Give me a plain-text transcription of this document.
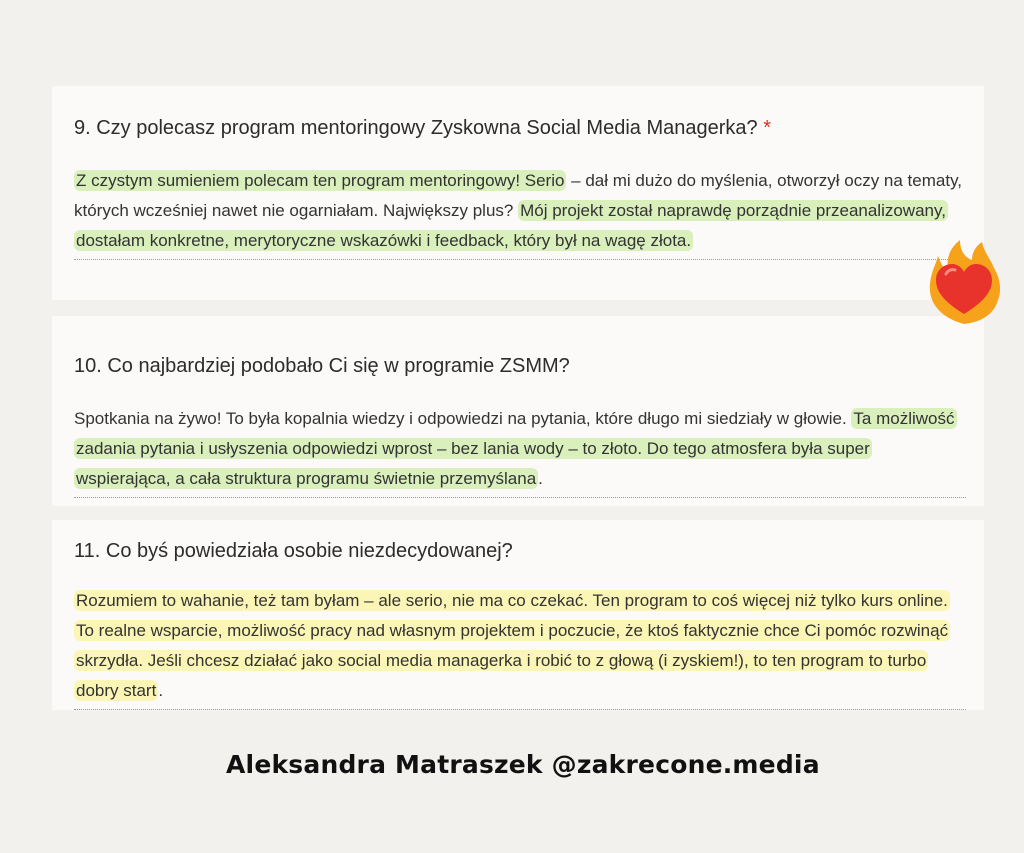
9. Czy polecasz program mentoringowy Zyskowna Social Media Managerka? *
Z czystym sumieniem polecam ten program mentoringowy! Serio – dał mi dużo do myślenia, otworzył oczy na tematy, których wcześniej nawet nie ogarniałam. Największy plus? Mój projekt został naprawdę porządnie przeanalizowany, dostałam konkretne, merytoryczne wskazówki i feedback, który był na wagę złota.
10. Co najbardziej podobało Ci się w programie ZSMM?
Spotkania na żywo! To była kopalnia wiedzy i odpowiedzi na pytania, które długo mi siedziały w głowie. Ta możliwość zadania pytania i usłyszenia odpowiedzi wprost – bez lania wody – to złoto. Do tego atmosfera była super wspierająca, a cała struktura programu świetnie przemyślana .
11. Co byś powiedziała osobie niezdecydowanej?
Rozumiem to wahanie, też tam byłam – ale serio, nie ma co czekać. Ten program to coś więcej niż tylko kurs online. To realne wsparcie, możliwość pracy nad własnym projektem i poczucie, że ktoś faktycznie chce Ci pomóc rozwinąć skrzydła. Jeśli chcesz działać jako social media managerka i robić to z głową (i zyskiem!), to ten program to turbo dobry start .
Aleksandra Matraszek @zakrecone.media
